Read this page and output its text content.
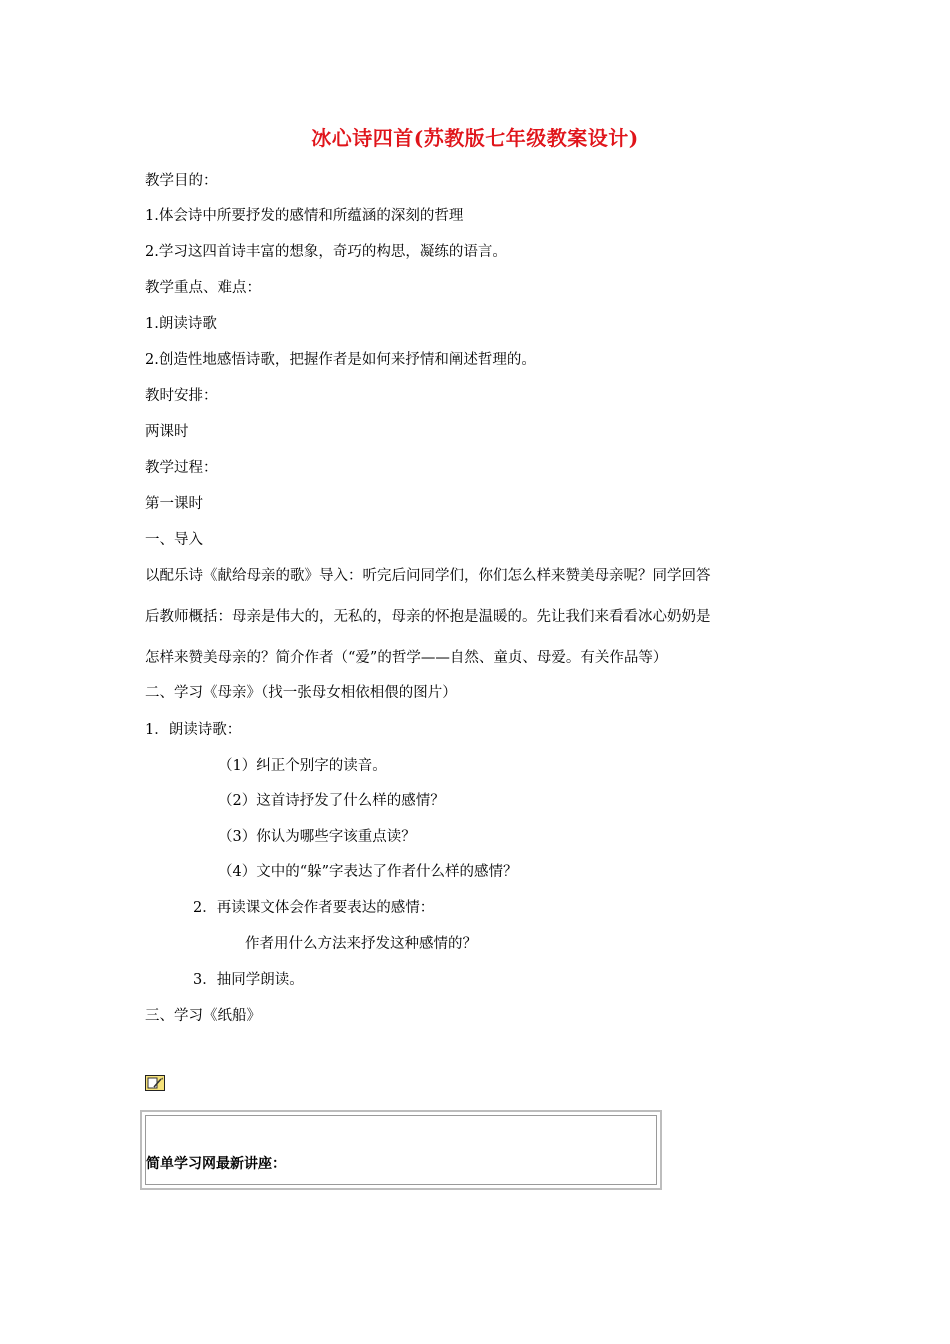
冰心诗四首(苏教版七年级教案设计)
教学目的：
1.体会诗中所要抒发的感情和所蕴涵的深刻的哲理
2.学习这四首诗丰富的想象，奇巧的构思，凝练的语言。
教学重点、难点：
1.朗读诗歌
2.创造性地感悟诗歌，把握作者是如何来抒情和阐述哲理的。
教时安排：
两课时
教学过程：
第一课时
一、导入
以配乐诗《献给母亲的歌》导入：听完后问同学们，你们怎么样来赞美母亲呢？同学回答
后教师概括：母亲是伟大的，无私的，母亲的怀抱是温暖的。先让我们来看看冰心奶奶是
怎样来赞美母亲的？简介作者（“爱”的哲学——自然、童贞、母爱。有关作品等）
二、学习《母亲》（找一张母女相依相偎的图片）
1．朗读诗歌：
（1）纠正个别字的读音。
（2）这首诗抒发了什么样的感情？
（3）你认为哪些字该重点读？
（4）文中的“躲”字表达了作者什么样的感情？
2．再读课文体会作者要表达的感情：
作者用什么方法来抒发这种感情的？
3．抽同学朗读。
三、学习《纸船》
简单学习网最新讲座：
